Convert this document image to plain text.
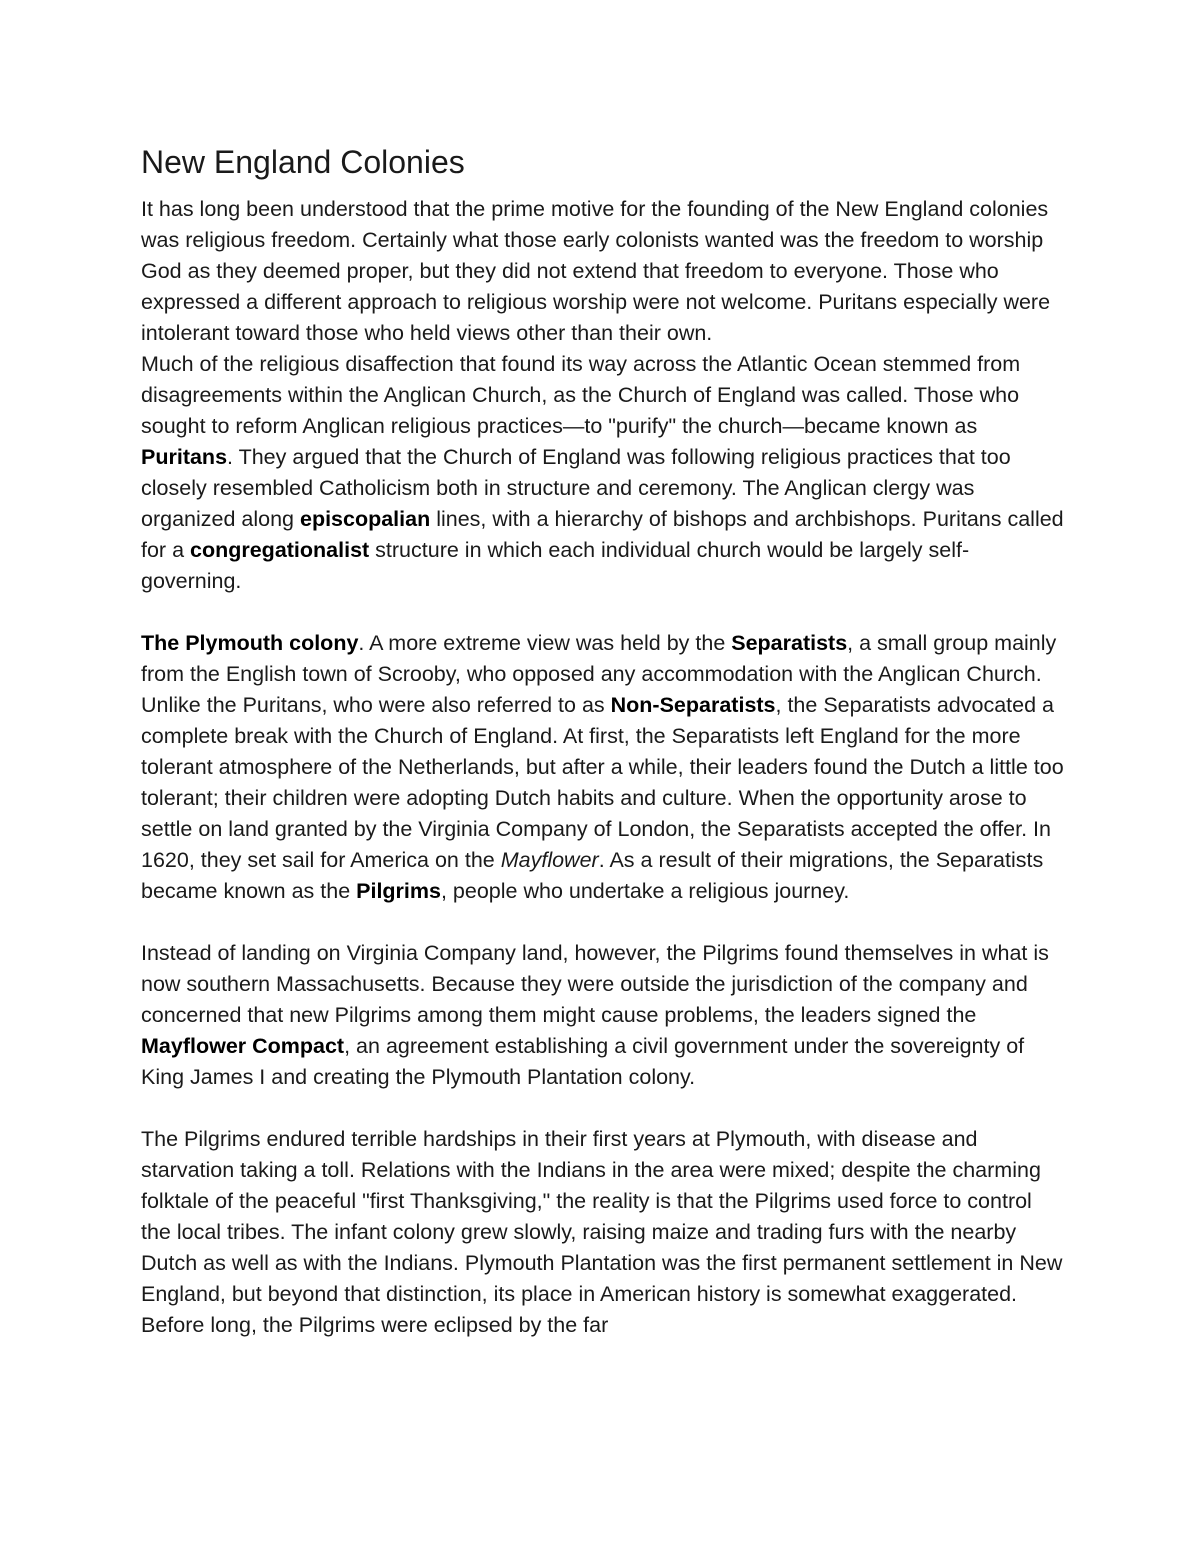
New England Colonies

It has long been understood that the prime motive for the founding of the New England colonies was religious freedom. Certainly what those early colonists wanted was the freedom to worship God as they deemed proper, but they did not extend that freedom to everyone. Those who expressed a different approach to religious worship were not welcome. Puritans especially were intolerant toward those who held views other than their own.

Much of the religious disaffection that found its way across the Atlantic Ocean stemmed from disagreements within the Anglican Church, as the Church of England was called. Those who sought to reform Anglican religious practices—to "purify" the church—became known as Puritans. They argued that the Church of England was following religious practices that too closely resembled Catholicism both in structure and ceremony. The Anglican clergy was organized along episcopalian lines, with a hierarchy of bishops and archbishops. Puritans called for a congregationalist structure in which each individual church would be largely self-governing.

The Plymouth colony. A more extreme view was held by the Separatists, a small group mainly from the English town of Scrooby, who opposed any accommodation with the Anglican Church. Unlike the Puritans, who were also referred to as Non-Separatists, the Separatists advocated a complete break with the Church of England. At first, the Separatists left England for the more tolerant atmosphere of the Netherlands, but after a while, their leaders found the Dutch a little too tolerant; their children were adopting Dutch habits and culture. When the opportunity arose to settle on land granted by the Virginia Company of London, the Separatists accepted the offer. In 1620, they set sail for America on the Mayflower. As a result of their migrations, the Separatists became known as the Pilgrims, people who undertake a religious journey.

Instead of landing on Virginia Company land, however, the Pilgrims found themselves in what is now southern Massachusetts. Because they were outside the jurisdiction of the company and concerned that new Pilgrims among them might cause problems, the leaders signed the Mayflower Compact, an agreement establishing a civil government under the sovereignty of King James I and creating the Plymouth Plantation colony.

The Pilgrims endured terrible hardships in their first years at Plymouth, with disease and starvation taking a toll. Relations with the Indians in the area were mixed; despite the charming folktale of the peaceful "first Thanksgiving," the reality is that the Pilgrims used force to control the local tribes. The infant colony grew slowly, raising maize and trading furs with the nearby Dutch as well as with the Indians. Plymouth Plantation was the first permanent settlement in New England, but beyond that distinction, its place in American history is somewhat exaggerated. Before long, the Pilgrims were eclipsed by the far
